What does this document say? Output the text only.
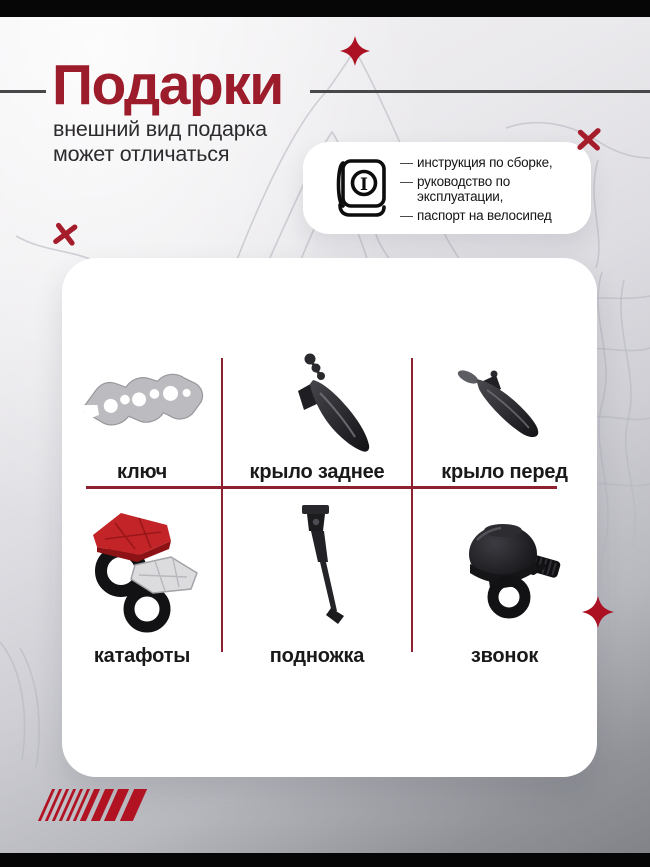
Подарки
внешний вид подарка может отличаться
I
— инструкция по сборке,
— руководство по эксплуатации,
— паспорт на велосипед
ключ	крыло заднее	крыло перед
катафоты	подножка	звонок
